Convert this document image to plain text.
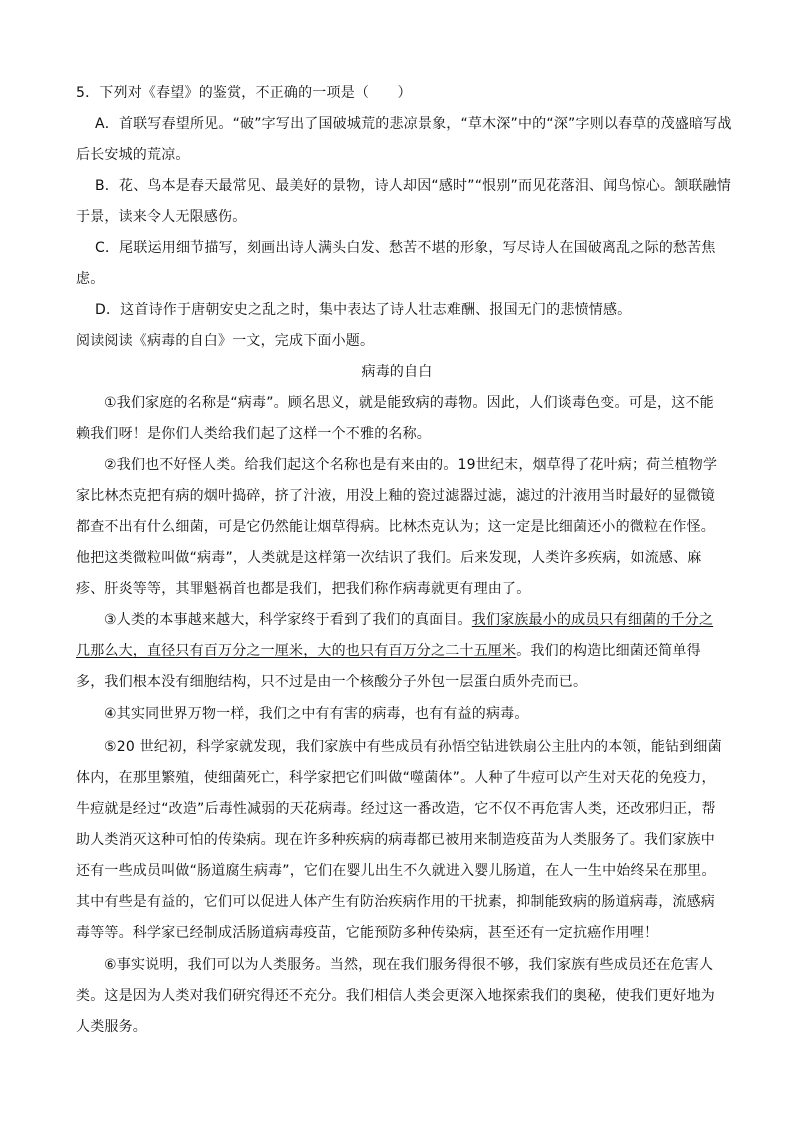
5．下列对《春望》的鉴赏，不正确的一项是（　　）
A．首联写春望所见。“破”字写出了国破城荒的悲凉景象，“草木深”中的“深”字则以春草的茂盛暗写战
后长安城的荒凉。
B．花、鸟本是春天最常见、最美好的景物，诗人却因“感时”“恨别”而见花落泪、闻鸟惊心。颔联融情
于景，读来令人无限感伤。
C．尾联运用细节描写，刻画出诗人满头白发、愁苦不堪的形象，写尽诗人在国破离乱之际的愁苦焦
虑。
D．这首诗作于唐朝安史之乱之时，集中表达了诗人壮志难酬、报国无门的悲愤情感。
阅读阅读《病毒的自白》一文，完成下面小题。
病毒的自白
①我们家庭的名称是“病毒”。顾名思义，就是能致病的毒物。因此，人们谈毒色变。可是，这不能
赖我们呀！是你们人类给我们起了这样一个不雅的名称。
②我们也不好怪人类。给我们起这个名称也是有来由的。19世纪末，烟草得了花叶病；荷兰植物学
家比林杰克把有病的烟叶捣碎，挤了汁液，用没上釉的瓷过滤器过滤，滤过的汁液用当时最好的显微镜
都查不出有什么细菌，可是它仍然能让烟草得病。比林杰克认为；这一定是比细菌还小的微粒在作怪。
他把这类微粒叫做“病毒”，人类就是这样第一次结识了我们。后来发现，人类许多疾病，如流感、麻
疹、肝炎等等，其罪魁祸首也都是我们，把我们称作病毒就更有理由了。
③人类的本事越来越大，科学家终于看到了我们的真面目。我们家族最小的成员只有细菌的千分之
几那么大，直径只有百万分之一厘米，大的也只有百万分之二十五厘米。我们的构造比细菌还简单得
多，我们根本没有细胞结构，只不过是由一个核酸分子外包一层蛋白质外壳而已。
④其实同世界万物一样，我们之中有有害的病毒，也有有益的病毒。
⑤20 世纪初，科学家就发现，我们家族中有些成员有孙悟空钻进铁扇公主肚内的本领，能钻到细菌
体内，在那里繁殖，使细菌死亡，科学家把它们叫做“噬菌体”。人种了牛痘可以产生对天花的免疫力，
牛痘就是经过“改造”后毒性减弱的天花病毒。经过这一番改造，它不仅不再危害人类，还改邪归正，帮
助人类消灭这种可怕的传染病。现在许多种疾病的病毒都已被用来制造疫苗为人类服务了。我们家族中
还有一些成员叫做“肠道腐生病毒”，它们在婴儿出生不久就进入婴儿肠道，在人一生中始终呆在那里。
其中有些是有益的，它们可以促进人体产生有防治疾病作用的干扰素，抑制能致病的肠道病毒，流感病
毒等等。科学家已经制成活肠道病毒疫苗，它能预防多种传染病，甚至还有一定抗癌作用哩！
⑥事实说明，我们可以为人类服务。当然，现在我们服务得很不够，我们家族有些成员还在危害人
类。这是因为人类对我们研究得还不充分。我们相信人类会更深入地探索我们的奥秘，使我们更好地为
人类服务。
